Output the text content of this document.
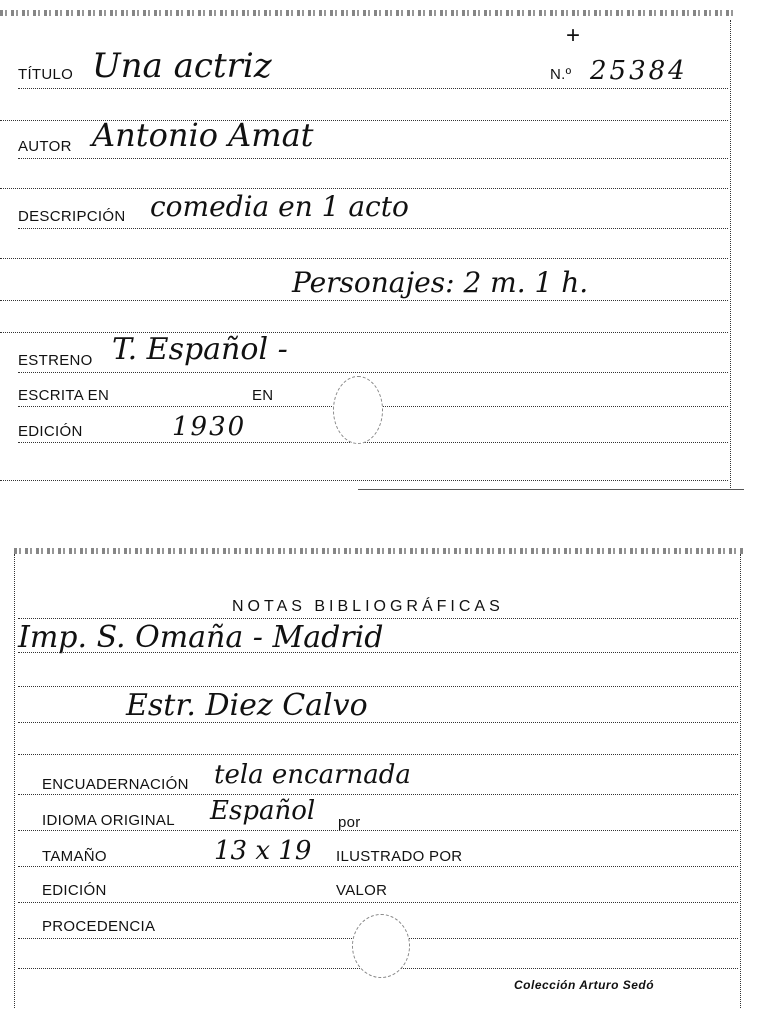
+
TÍTULO Una actriz	N.º 25384
AUTOR Antonio Amat
DESCRIPCIÓN comedia en 1 acto
Personajes: 2 m. 1 h.
ESTRENO T. Español -
ESCRITA EN	EN
EDICIÓN	1930
NOTAS BIBLIOGRÁFICAS
Imp. S. Omaña - Madrid
Estr. Diez Calvo
ENCUADERNACIÓN tela encarnada
IDIOMA ORIGINAL Español por
TAMAÑO	13 x 19 ILUSTRADO POR
EDICIÓN	VALOR
PROCEDENCIA
Colección Arturo Sedó
